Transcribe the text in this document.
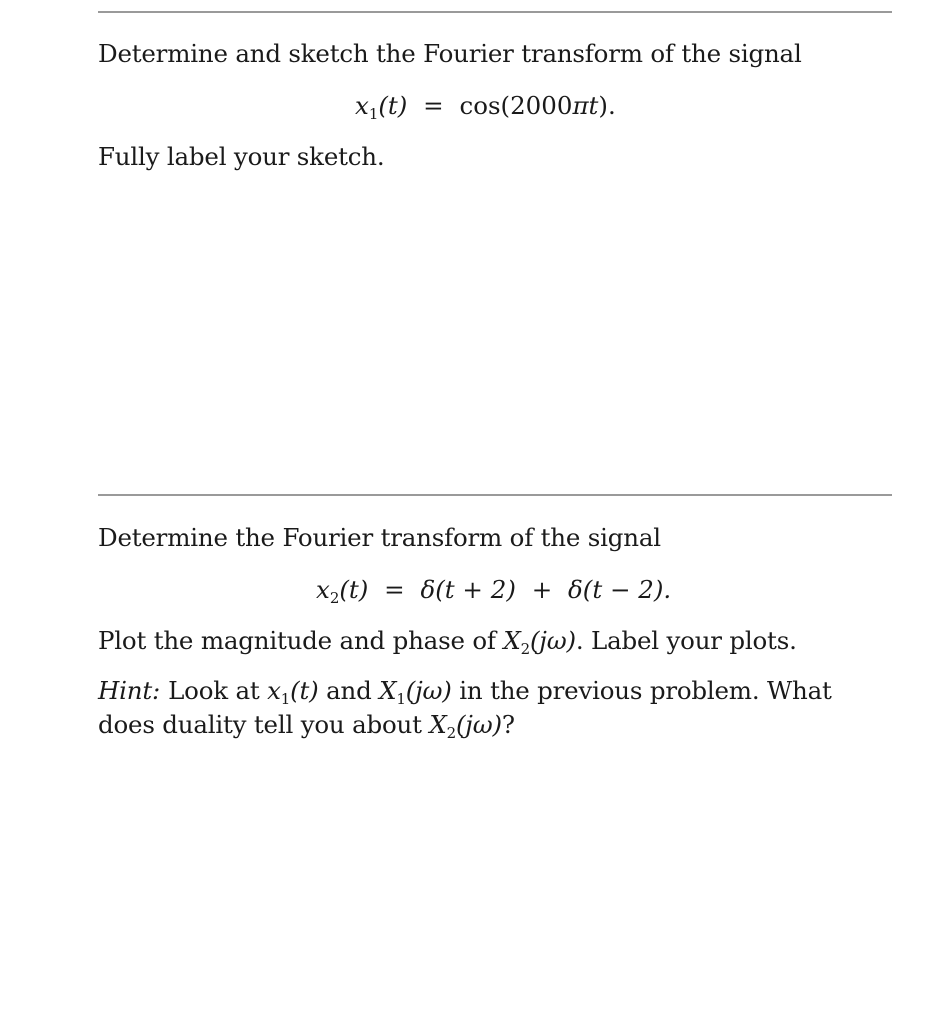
Determine and sketch the Fourier transform of the signal
$x_1(t) = \cos(2000\pi t)$.
Fully label your sketch.
Determine the Fourier transform of the signal
$x_2(t) = \delta(t + 2) + \delta(t - 2)$.
Plot the magnitude and phase of $X_2(j\omega)$. Label your plots.
Hint: Look at $x_1(t)$ and $X_1(j\omega)$ in the previous problem. What
does duality tell you about $X_2(j\omega)$?
